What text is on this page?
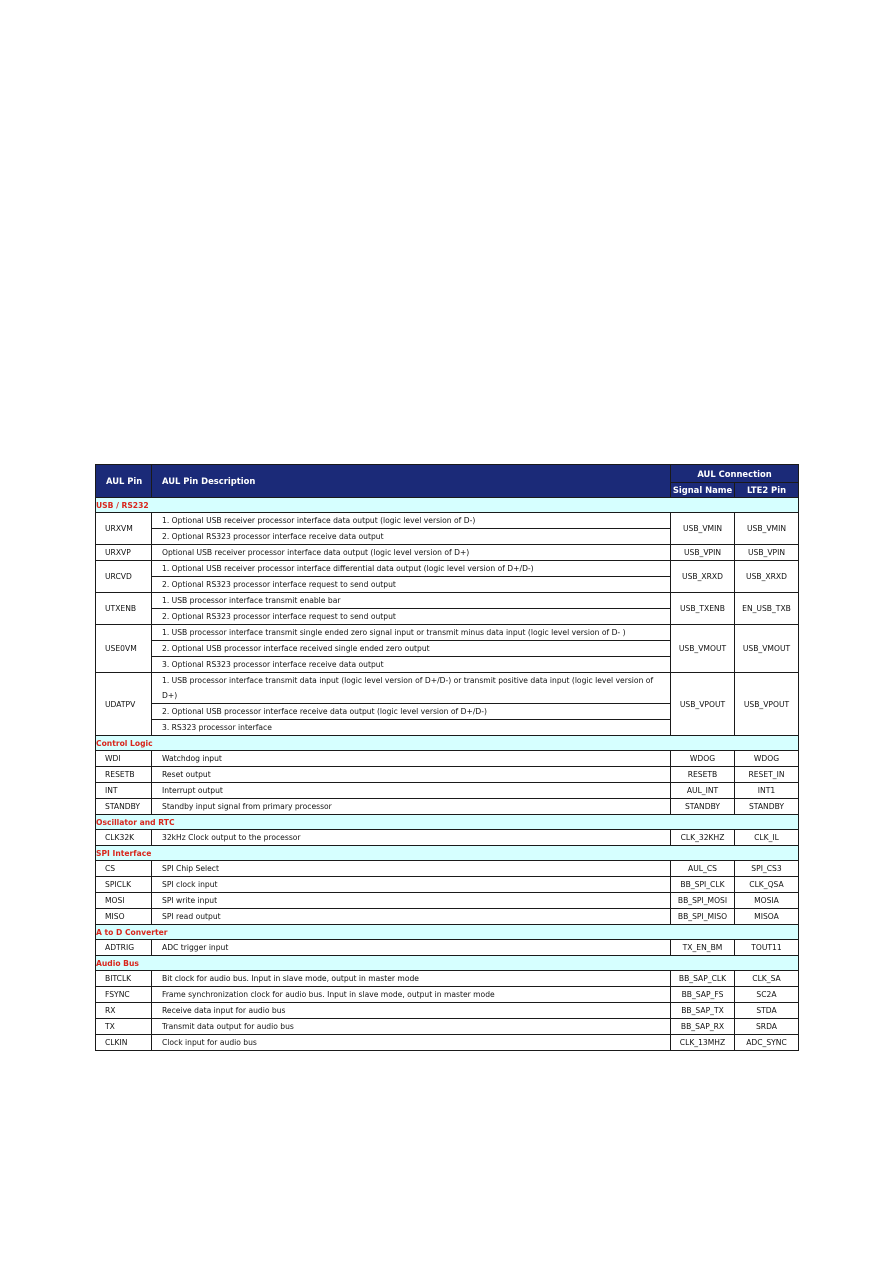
AUL Pin	AUL Pin Description	AUL Connection	
		Signal Name	LTE2 Pin
USB / RS232			
URXVM	1. Optional USB receiver processor interface data output (logic level version of D-)
2. Optional RS323 processor interface receive data output	USB_VMIN	USB_VMIN
URXVP	Optional USB receiver processor interface data output (logic level version of D+)	USB_VPIN	USB_VPIN
URCVD	1. Optional USB receiver processor interface differential data output (logic level version of D+/D-)
2. Optional RS323 processor interface request to send output	USB_XRXD	USB_XRXD
UTXENB	1. USB processor interface transmit enable bar
2. Optional RS323 processor interface request to send output	USB_TXENB	EN_USB_TXB
USE0VM	1. USB processor interface transmit single ended zero signal input or transmit minus data input (logic level version of D- )
2. Optional USB processor interface received single ended zero output
3. Optional RS323 processor interface receive data output	USB_VMOUT	USB_VMOUT
UDATPV	1. USB processor interface transmit data input (logic level version of D+/D-) or transmit positive data input (logic level version of D+)
2. Optional USB processor interface receive data output (logic level version of D+/D-)
3. RS323 processor interface	USB_VPOUT	USB_VPOUT
Control Logic			
WDI	Watchdog input	WDOG	WDOG
RESETB	Reset output	RESETB	RESET_IN
INT	Interrupt output	AUL_INT	INT1
STANDBY	Standby input signal from primary processor	STANDBY	STANDBY
Oscillator and RTC			
CLK32K	32kHz Clock output to the processor	CLK_32KHZ	CLK_IL
SPI Interface			
CS	SPI Chip Select	AUL_CS	SPI_CS3
SPICLK	SPI clock input	BB_SPI_CLK	CLK_QSA
MOSI	SPI write input	BB_SPI_MOSI	MOSIA
MISO	SPI read output	BB_SPI_MISO	MISOA
A to D Converter			
ADTRIG	ADC trigger input	TX_EN_BM	TOUT11
Audio Bus			
BITCLK	Bit clock for audio bus. Input in slave mode, output in master mode	BB_SAP_CLK	CLK_SA
FSYNC	Frame synchronization clock for audio bus. Input in slave mode, output in master mode	BB_SAP_FS	SC2A
RX	Receive data input for audio bus	BB_SAP_TX	STDA
TX	Transmit data output for audio bus	BB_SAP_RX	SRDA
CLKIN	Clock input for audio bus	CLK_13MHZ	ADC_SYNC
